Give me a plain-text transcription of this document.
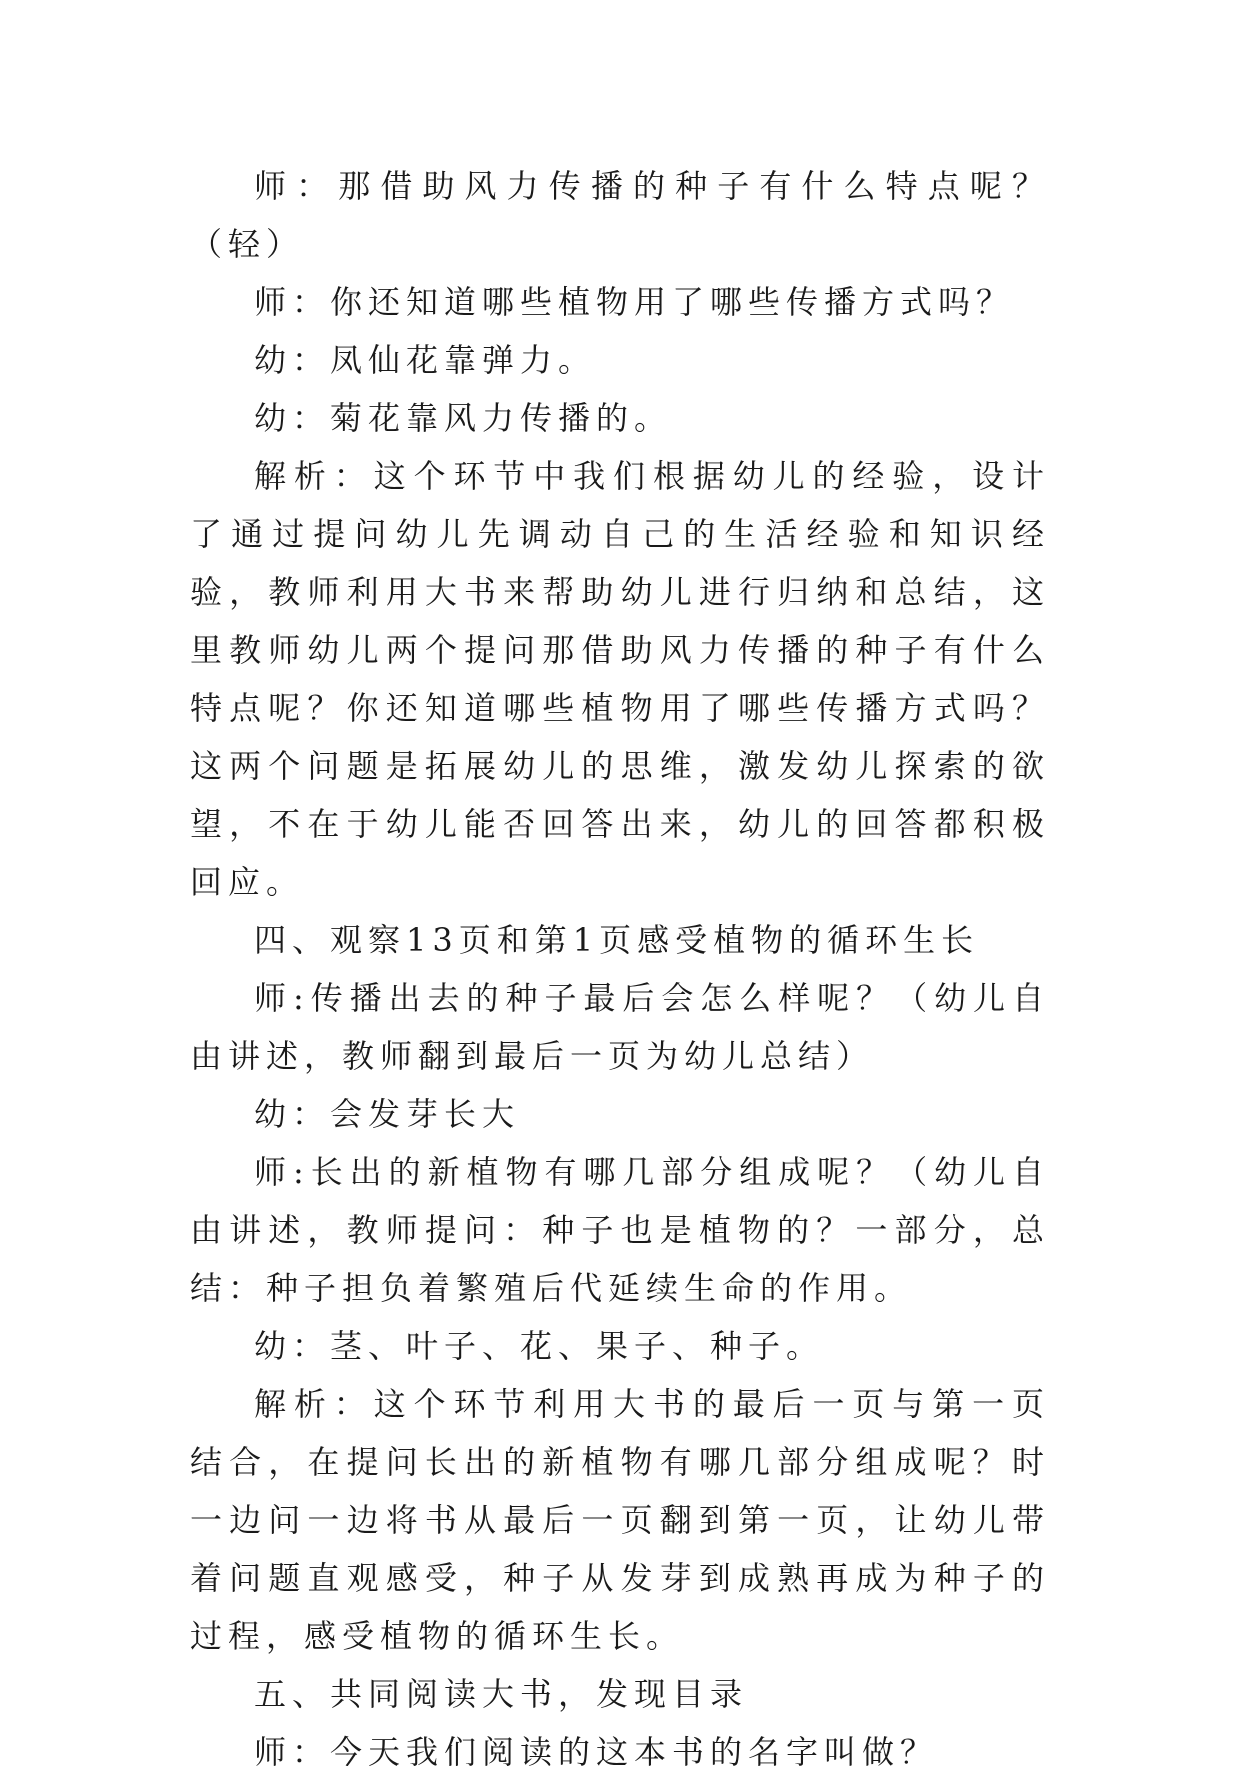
师：那借助风力传播的种子有什么特点呢？（轻）

师：你还知道哪些植物用了哪些传播方式吗？

幼：凤仙花靠弹力。

幼：菊花靠风力传播的。

解析：这个环节中我们根据幼儿的经验，设计了通过提问幼儿先调动自己的生活经验和知识经验，教师利用大书来帮助幼儿进行归纳和总结，这里教师幼儿两个提问那借助风力传播的种子有什么特点呢？你还知道哪些植物用了哪些传播方式吗？这两个问题是拓展幼儿的思维，激发幼儿探索的欲望，不在于幼儿能否回答出来，幼儿的回答都积极回应。

四、观察13页和第1页感受植物的循环生长

师:传播出去的种子最后会怎么样呢？（幼儿自由讲述，教师翻到最后一页为幼儿总结）

幼：会发芽长大

师:长出的新植物有哪几部分组成呢？（幼儿自由讲述，教师提问：种子也是植物的？一部分，总结：种子担负着繁殖后代延续生命的作用。

幼：茎、叶子、花、果子、种子。

解析：这个环节利用大书的最后一页与第一页结合，在提问长出的新植物有哪几部分组成呢？时一边问一边将书从最后一页翻到第一页，让幼儿带着问题直观感受，种子从发芽到成熟再成为种子的过程，感受植物的循环生长。

五、共同阅读大书，发现目录

师：今天我们阅读的这本书的名字叫做？
